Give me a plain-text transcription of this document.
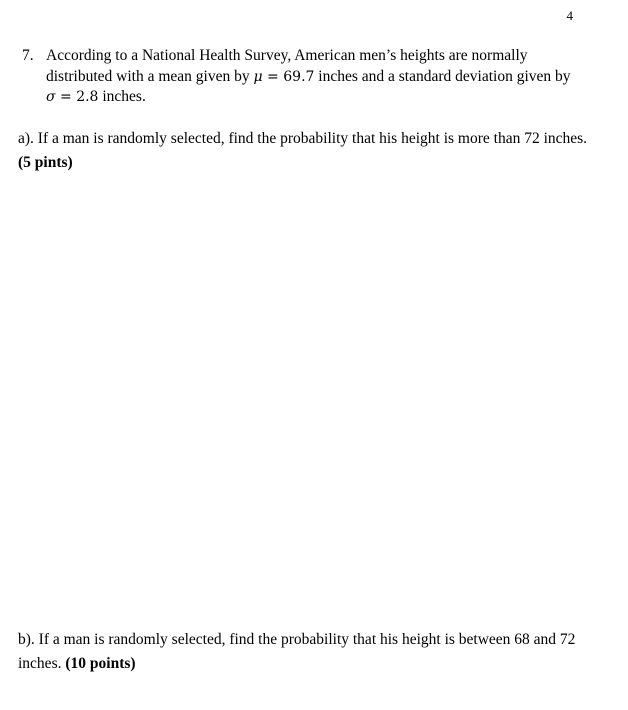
4
7. According to a National Health Survey, American men’s heights are normally distributed with a mean given by μ = 69.7 inches and a standard deviation given by σ = 2.8 inches.
a). If a man is randomly selected, find the probability that his height is more than 72 inches. (5 pints)
b). If a man is randomly selected, find the probability that his height is between 68 and 72 inches. (10 points)
